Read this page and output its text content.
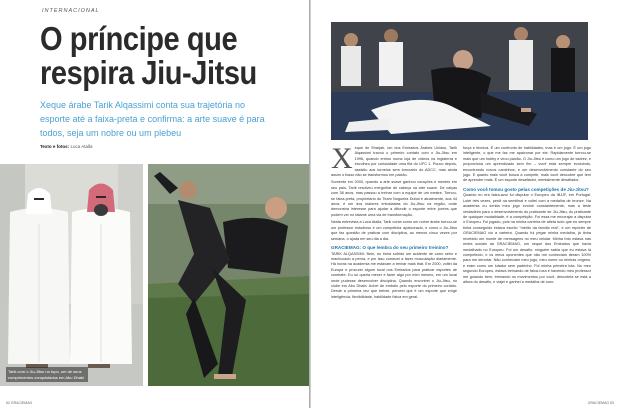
INTERNACIONAL
O príncipe que
respira Jiu-Jitsu

Xeque árabe Tarik Alqassimi conta sua trajetória no esporte até a faixa-preta e confirma: a arte suave é para todos, seja um nobre ou um plebeu

Texto e fotos: Luca Atalla
Tarik com o Jiu-Jitsu no topo, um de seus cumprimentos conquistados em Abu Dhabi
52 GRACIEMAG

X eque de Sharjah, um dos Emirados Árabes Unidos, Tarik Alqassimi travou o primeiro contato com o Jiu-Jitsu em 1996, quando entrou numa loja de vídeos na Inglaterra e escolheu por curiosidade uma fita do UFC 1. Pouco depois, assistiu aos torneios sem tornozelo do ADCC, mas ainda assim o fosso não se transformou em paixão.

Somente em 2000, quando a arte suave ganhou corações e mentes em seu país, Tarik resolveu mergulhar de cabeça na arte suave. De calças com 38 anos, mas passou a treinar com a equipe de um mestre. Tornou-se faixa-preta, proprietário do Team Nogueira Dubai e atualmente, aos 44 anos, é um dos maiores entusiastas do Jiu-Jitsu na região, onde demonstra interesse para ajudar a difundir o esporte entre jovens que podem ver no tatame uma via de transformação.

Nesta entrevista a Luca Atalla, Tarik conta como um nobre árabe tornou-se um professor estudioso e um competidor apaixonado, e como o Jiu-Jitsu que faz questão de praticar com disciplina, ao menos cinco vezes por semana, o ajuda em seu dia a dia.

GRACIEMAG: O que lembra do seu primeiro treinino?

TARIK ALQASSIMI: Bem, eu tinha sofrido um acidente de carro sério e machucado a perna, e por isso comecei a fazer musculação diariamente. Há horas na academia me estavam a treinar mais that. Em 2000, voltei da Europa e procurei algum local nos Emirados para praticar esportes de combate. Eu só queria mexer e fazer algo por mim mesmo, em um local onde pudesse desenvolver disciplina. Quando encontrei o Jiu-Jitsu, no clube em Abu Dhabi. Achei de embalo pelo esporte do primeiro contato. Desde a primeira vez que treinei, percebi que é um esporte que exige inteligência, flexibilidade, habilidade física em geral.

força e técnica. É um confronto de habilidades, mas é um jogo. É um jogo inteligente, o que me faz me apaixonar por ele. Rapidamente tornou-se mais que um hobby e virou paixão. O Jiu-Jitsu é como um jogo de xadrez, e proporciona um aprendizado sem fim – você está sempre evoluindo, encontrando novos caminhos, e um desenvolvimento constante do seu jogo. E quanto mais você busca a competir, mais você descobre que tem de aprender mais. É um esporte desafiador, mentalmente desafiador.

Como você tomou gosto pelas competições de Jiu-Jitsu?

Quando eu era faixa-azul fui disputar o Europeu da IBJJF, em Portugal. Lutei três vezes, perdi na semifinal e voltei com a medalha de bronze. Na academia eu sentia meu jogo evoluir constantemente, mas a teste verdadeiro para o desenvolvimento do praticante de Jiu-Jitsu, do praticante de qualquer modalidade, é a competição. Foi essa me encorajar a disputar o Europeu. Foi jogado, pois na minha carreira de atleta tudo que eu sempre tinha conseguido estava escrito "mérito da família real", e um repórter de GRACIEMAG viu a carteira. Quando fui pegar minha medalha, já tinha recebido um monte de mensagens no meu celular. Minha foto estava nas redes sociais da GRACIEMAG, um xeque dos Emirados que havia medalhado no Europeu. Foi um desafio, ninguém sabia que eu estava lá competindo, e os meus oponentes que não me conheciam deram 100% para me derrotar. Não conheciam meu jogo, meu nome ou minhas origens, e eram como um lutador sem padrinho. Foi minha primeira luta. No meu segundo Europeu, estava treinando de faixa-roxa e havendo meu professor me guiando bem, treinando os movimentos por você, descobria se está a altura do desafio, e viajei e ganhei a medalha de ouro.

GRACIEMAG 53
